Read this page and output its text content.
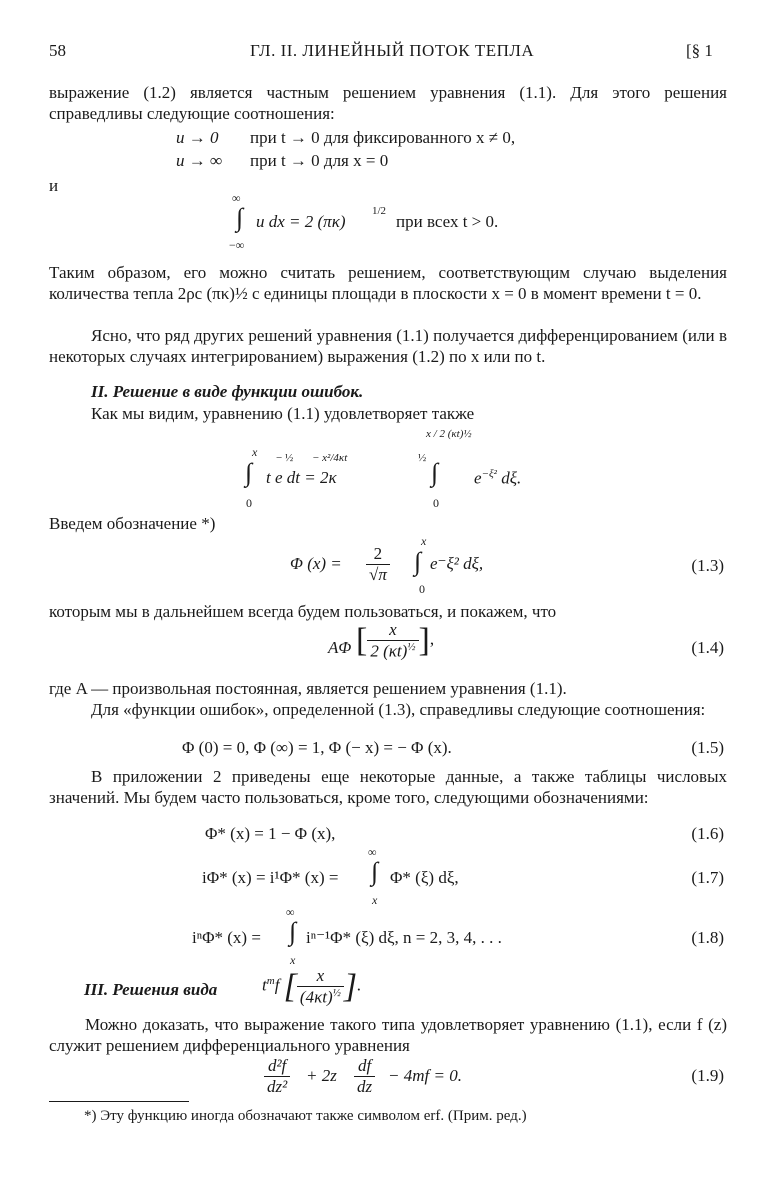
58	ГЛ. II. ЛИНЕЙНЫЙ ПОТОК ТЕПЛА	[§ 1
выражение (1.2) является частным решением уравнения (1.1). Для этого решения справедливы следующие соотношения:
u → 0 при t → 0 для фиксированного x ≠ 0,
u → ∞ при t → 0 для x = 0
и
∞
∫
−∞
u dx = 2 (πκ)
1/2
при всех t > 0.
Таким образом, его можно считать решением, соответствующим случаю выделения количества тепла 2ρc (πκ)½ с единицы площади в плоскости x = 0 в момент времени t = 0.
Ясно, что ряд других решений уравнения (1.1) получается дифференцированием (или в некоторых случаях интегрированием) выражения (1.2) по x или по t.
II. Решение в виде функции ошибок.
Как мы видим, уравнению (1.1) удовлетворяет также
x
∫
0
t e dt = 2κ
− ½ − x²/4κt	½
x / 2 (κt)½
∫
0
$e^{-\xi^2}$ dξ.
Введем обозначение *)
Φ $(x) = \frac{2}{√\pi}$
x
∫
0
e⁻ξ² dξ,	(1.3)
которым мы в дальнейшем всегда будем пользоваться, и покажем, что
AΦ [ $\frac{x}{2 (\kappa t)^{\frac{1}{2}}}$ ],	(1.4)
где A — произвольная постоянная, является решением уравнения (1.1).
Для «функции ошибок», определенной (1.3), справедливы следующие соотношения:
Φ (0) = 0, Φ (∞) = 1, Φ (− x) = − Φ (x).	(1.5)
В приложении 2 приведены еще некоторые данные, а также таблицы числовых значений. Мы будем часто пользоваться, кроме того, следующими обозначениями:
Φ* (x) = 1 − Φ (x),	(1.6)
iΦ* (x) = i¹Φ* (x) =
∞
∫
x
Φ* (ξ) dξ,	(1.7)
iⁿΦ* (x) =
∞
∫
x
iⁿ⁻¹Φ* (ξ) dξ, n = 2, 3, 4, . . .	(1.8)
III. Решения вида	$t^mf$ [ $\frac{x}{(4\kappa t)^{\frac{1}{2}}}$ ].
Можно доказать, что выражение такого типа удовлетворяет уравнению (1.1), если f (z) служит решением дифференциального уравнения
$\frac{\text{d²f}}{\text{dz²}} + 2z \frac{df}{dz} - 4mf = 0$.	(1.9)
*) Эту функцию иногда обозначают также символом erf. (Прим. ред.)
